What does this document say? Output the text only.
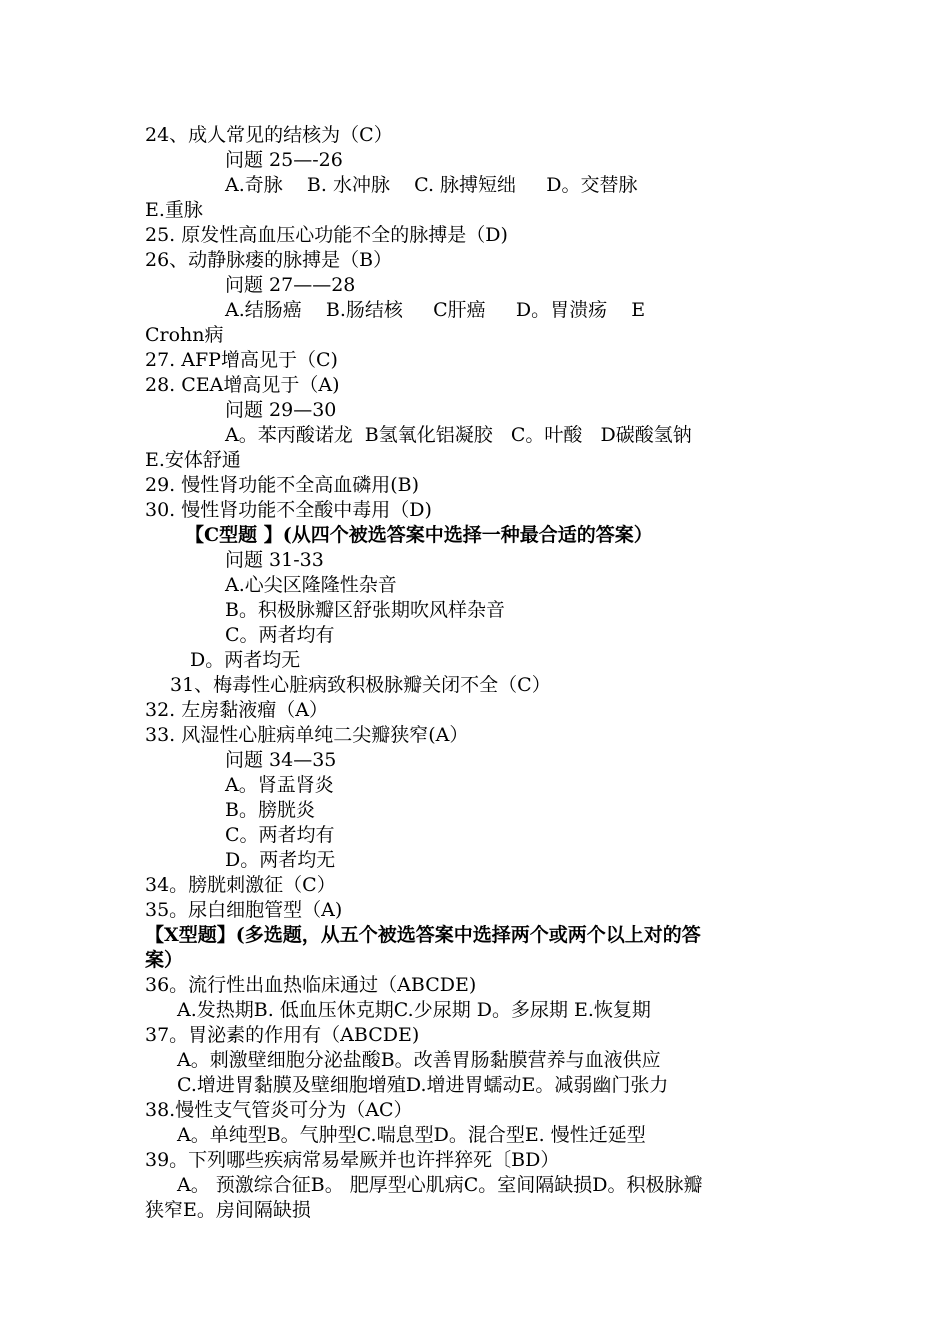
24、成人常见的结核为（C）

问题 25—-26

A.奇脉    B. 水冲脉    C. 脉搏短绌     D。交替脉

E.重脉

25. 原发性高血压心功能不全的脉搏是（D)

26、动静脉瘘的脉搏是（B）

问题 27——28

A.结肠癌    B.肠结核     C肝癌     D。胃溃疡    E

Crohn病

27. AFP增高见于（C)

28. CEA增高见于（A)

问题 29—30

A。苯丙酸诺龙  B氢氧化铝凝胶   C。叶酸   D碳酸氢钠

E.安体舒通

29. 慢性肾功能不全高血磷用(B)

30. 慢性肾功能不全酸中毒用（D)

【C型题 】(从四个被选答案中选择一种最合适的答案）

问题 31-33

A.心尖区隆隆性杂音

B。积极脉瓣区舒张期吹风样杂音

C。两者均有

D。两者均无

31、梅毒性心脏病致积极脉瓣关闭不全（C）

32. 左房黏液瘤（A）

33. 风湿性心脏病单纯二尖瓣狭窄(A）

问题 34—35

A。肾盂肾炎

B。膀胱炎

C。两者均有

D。两者均无

34。膀胱刺激征（C）

35。尿白细胞管型（A)

【X型题】(多选题，从五个被选答案中选择两个或两个以上对的答

案）

36。流行性出血热临床通过（ABCDE)

A.发热期B. 低血压休克期C.少尿期 D。多尿期 E.恢复期

37。胃泌素的作用有（ABCDE)

A。刺激壁细胞分泌盐酸B。改善胃肠黏膜营养与血液供应

C.增进胃黏膜及壁细胞增殖D.增进胃蠕动E。减弱幽门张力

38.慢性支气管炎可分为（AC）

A。单纯型B。气肿型C.喘息型D。混合型E. 慢性迁延型

39。下列哪些疾病常易晕厥并也许拌猝死〔BD）

A。 预激综合征B。 肥厚型心肌病C。室间隔缺损D。积极脉瓣

狭窄E。房间隔缺损
